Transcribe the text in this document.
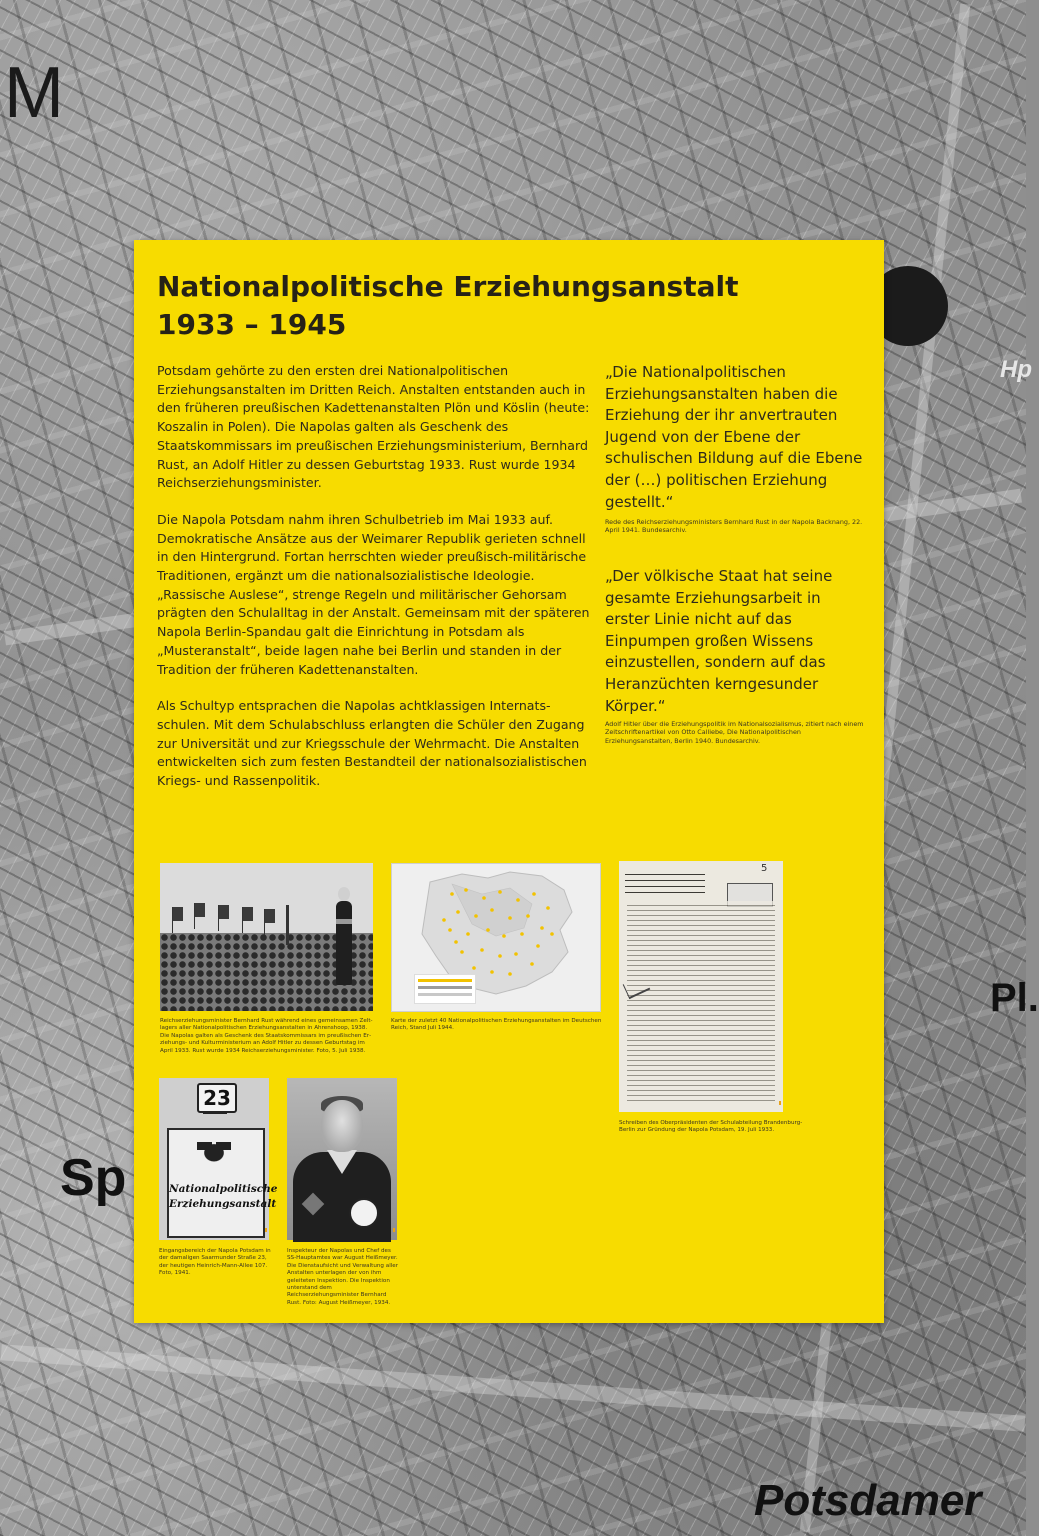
M

Sp

Potsdamer

Hp

Pl.

Nationalpolitische Erziehungsanstalt
1933 – 1945

Potsdam gehörte zu den ersten drei Nationalpolitischen Erziehungsanstalten im Dritten Reich. Anstalten entstanden auch in den früheren preußischen Kadettenanstalten Plön und Köslin (heute: Koszalin in Polen). Die Napolas galten als Geschenk des Staatskommissars im preußischen Erziehungsministerium, Bernhard Rust, an Adolf Hitler zu dessen Geburtstag 1933. Rust wurde 1934 Reichserziehungsminister.

Die Napola Potsdam nahm ihren Schulbetrieb im Mai 1933 auf. Demokratische Ansätze aus der Weimarer Republik gerieten schnell in den Hintergrund. Fortan herrschten wieder preußisch-militärische Traditionen, ergänzt um die nationalsozialistische Ideologie. „Rassische Auslese“, strenge Regeln und militärischer Gehorsam prägten den Schulalltag in der Anstalt. Gemeinsam mit der späteren Napola Berlin-Spandau galt die Einrichtung in Potsdam als „Musteranstalt“, beide lagen nahe bei Berlin und standen in der Tradition der früheren Kadettenanstalten.

Als Schultyp entsprachen die Napolas achtklassigen Internatsschulen. Mit dem Schulabschluss erlangten die Schüler den Zugang zur Universität und zur Kriegsschule der Wehrmacht. Die Anstalten entwickelten sich zum festen Bestandteil der nationalsozialistischen Kriegs- und Rassenpolitik.

„Die Nationalpolitischen Erziehungsanstalten haben die Erziehung der ihr anvertrauten Jugend von der Ebene der schulischen Bildung auf die Ebene der (…) politischen Erziehung gestellt.“

Rede des Reichserziehungsministers Bernhard Rust in der Napola Backnang, 22. April 1941. Bundesarchiv.

„Der völkische Staat hat seine gesamte Erziehungsarbeit in erster Linie nicht auf das Einpumpen großen Wissens einzustellen, sondern auf das Heranzüchten kerngesunder Körper.“

Adolf Hitler über die Erziehungspolitik im Nationalsozialismus, zitiert nach einem Zeitschriftenartikel von Otto Calliebe, Die Nationalpolitischen Erziehungsanstalten, Berlin 1940. Bundesarchiv.

Reichserziehungsminister Bernhard Rust während eines gemeinsamen Zeltlagers aller Nationalpolitischen Erziehungsanstalten in Ahrenshoop, 1938. Die Napolas galten als Geschenk des Staatskommissars im preußischen Erziehungs- und Kulturministerium an Adolf Hitler zu dessen Geburtstag im April 1933. Rust wurde 1934 Reichserziehungsminister. Foto, 5. Juli 1938.

Karte der zuletzt 40 Nationalpolitischen Erziehungsanstalten im Deutschen Reich, Stand Juli 1944.

5

Schreiben des Oberpräsidenten der Schulabteilung Brandenburg-Berlin zur Gründung der Napola Potsdam, 19. Juli 1933.

23

Nationalpolitische Erziehungsanstalt

Eingangsbereich der Napola Potsdam in der damaligen Saarmunder Straße 23, der heutigen Heinrich-Mann-Allee 107. Foto, 1941.

Inspekteur der Napolas und Chef des SS-Hauptamtes war August Heißmeyer. Die Dienstaufsicht und Verwaltung aller Anstalten unterlagen der von ihm geleiteten Inspektion. Die Inspektion unterstand dem Reichserziehungsminister Bernhard Rust. Foto: August Heißmeyer, 1934.
